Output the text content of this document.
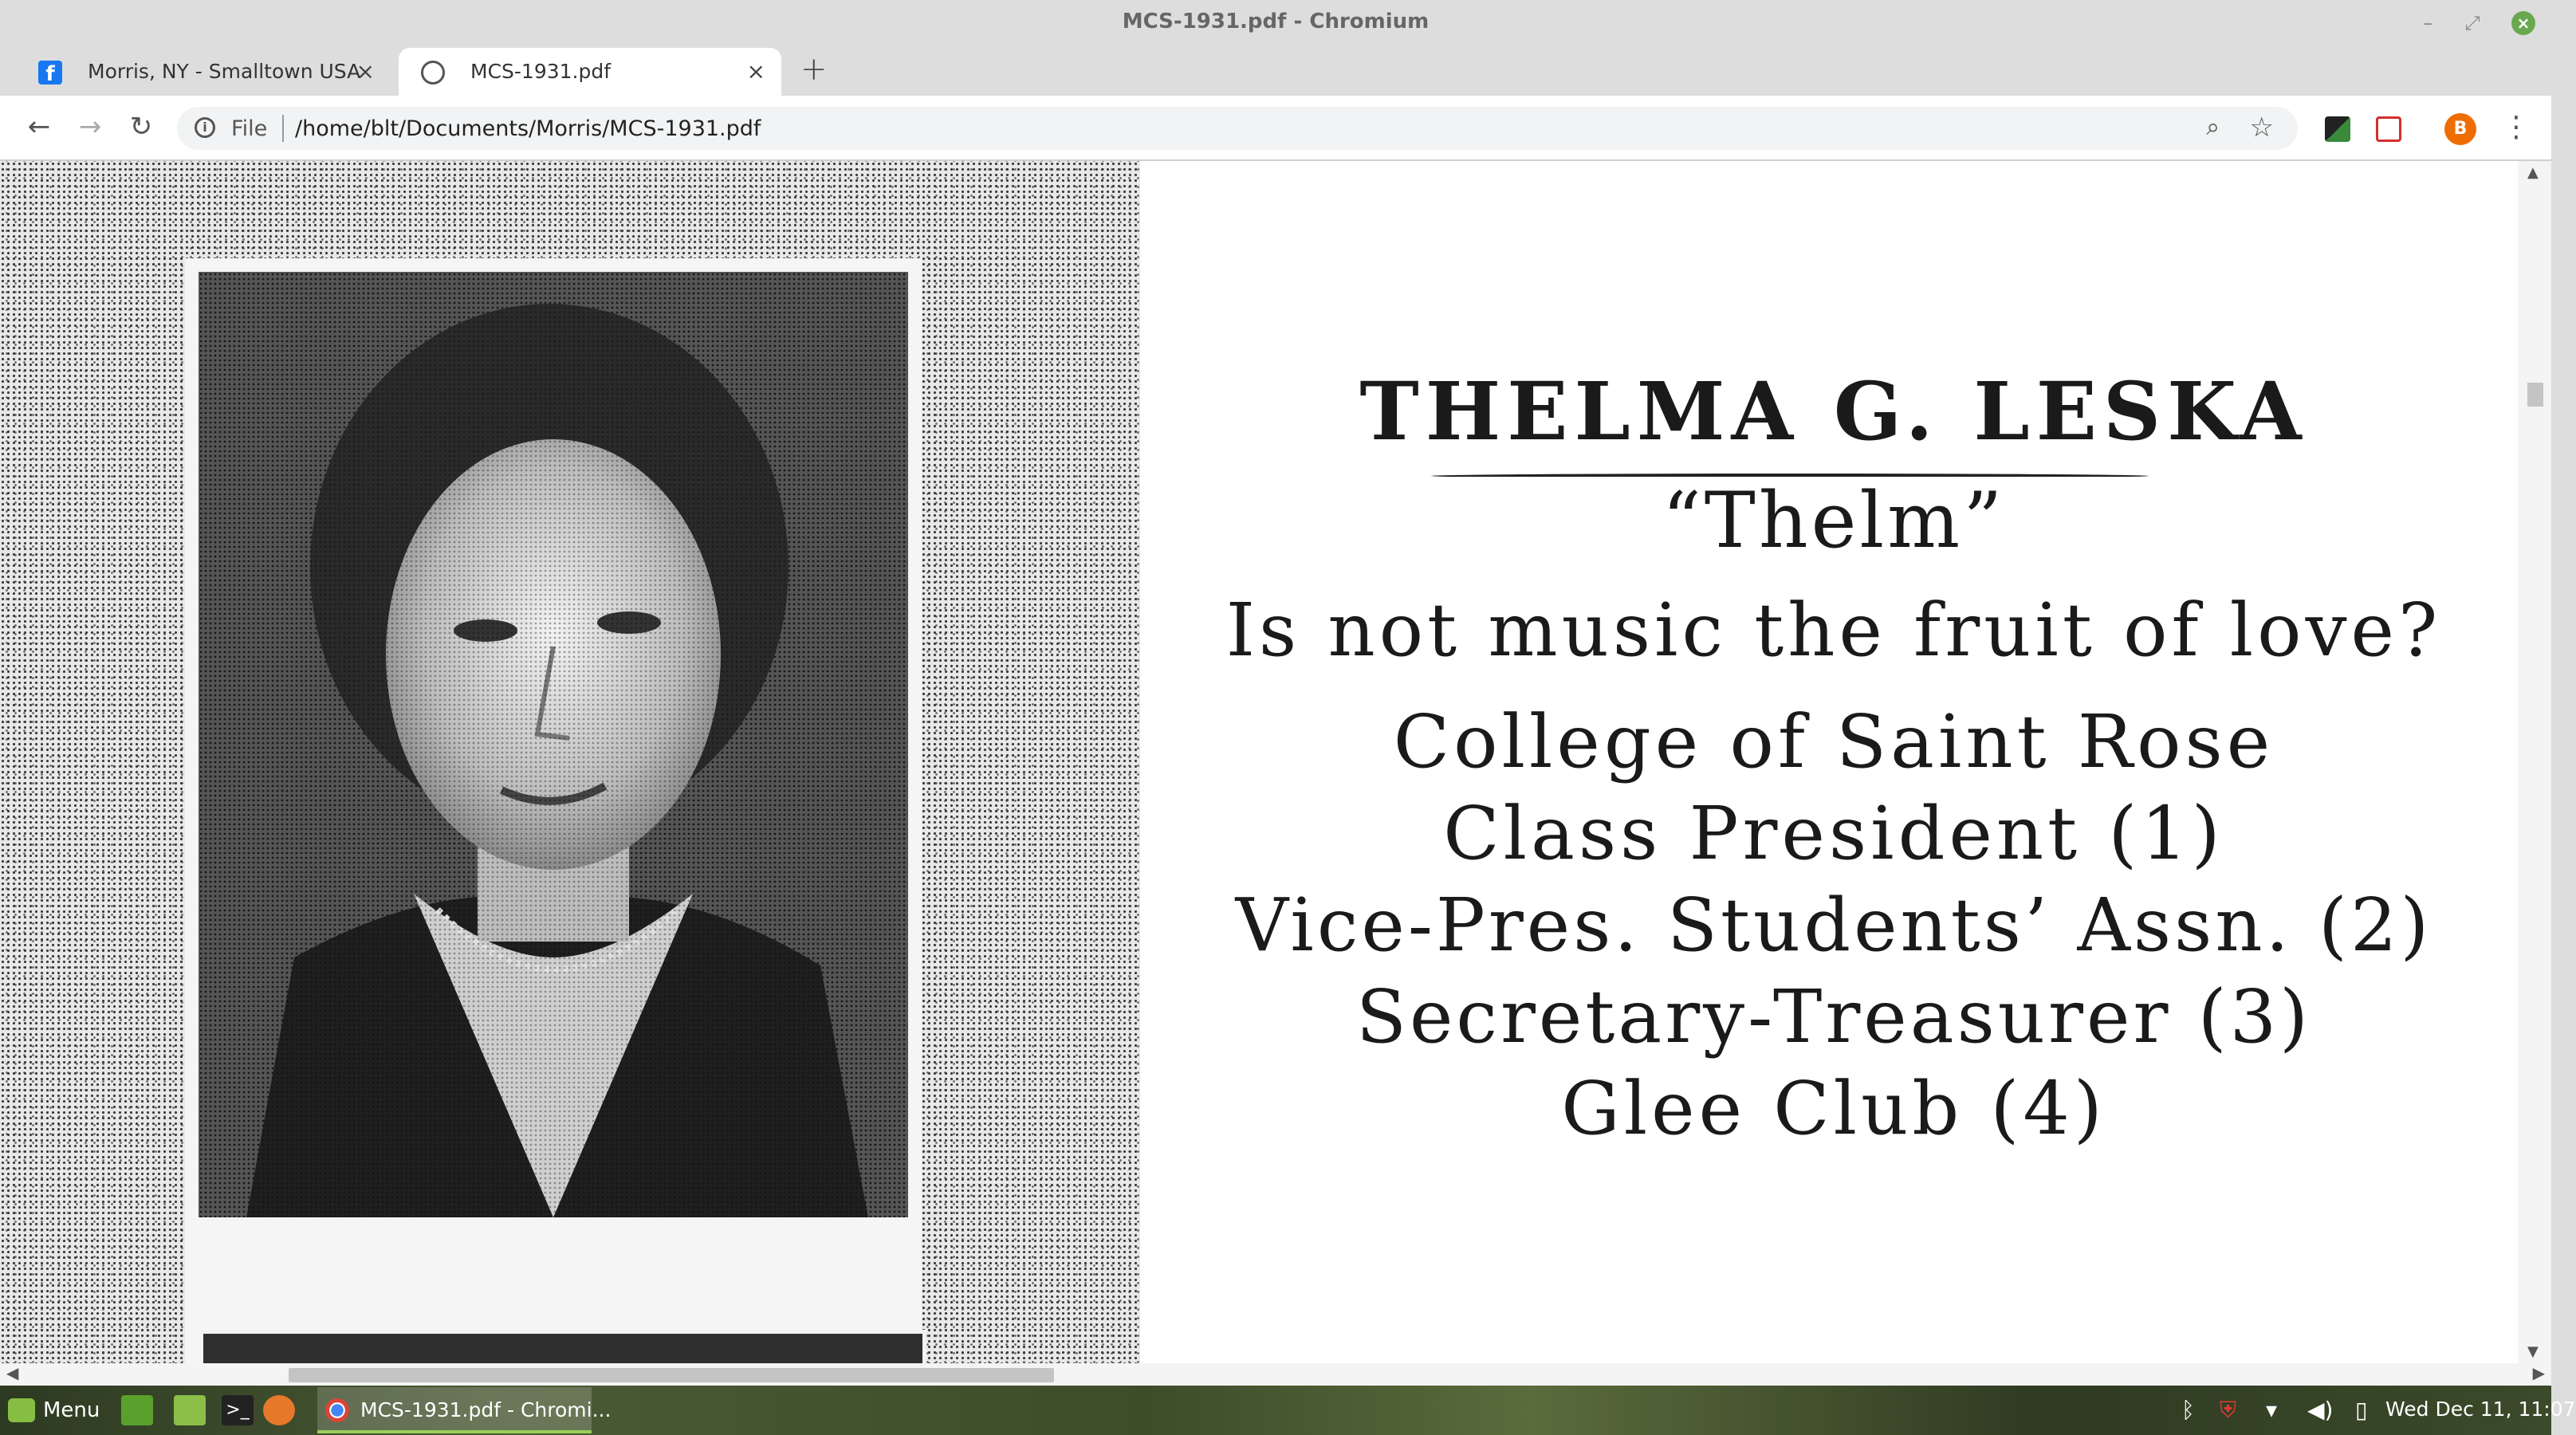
MCS-1931.pdf - Chromium	–	⤢	×
f	Morris, NY - Smalltown USA
×	MCS-1931.pdf	× +
← → ↻	i	File /home/blt/Documents/Morris/MCS-1931.pdf	⌕ ☆	B	⋮
THELMA G. LESKA
“Thelm”
Is not music the fruit of love?
College of Saint Rose
Class President (1)
Vice-Pres. Students’ Assn. (2)
Secretary-Treasurer (3)
Glee Club (4)
▲
▼
◀	▶
Menu	>_	MCS-1931.pdf - Chromi...	ᛒ ⛨ ▾ ◀) ▯ Wed Dec 11, 11:07
